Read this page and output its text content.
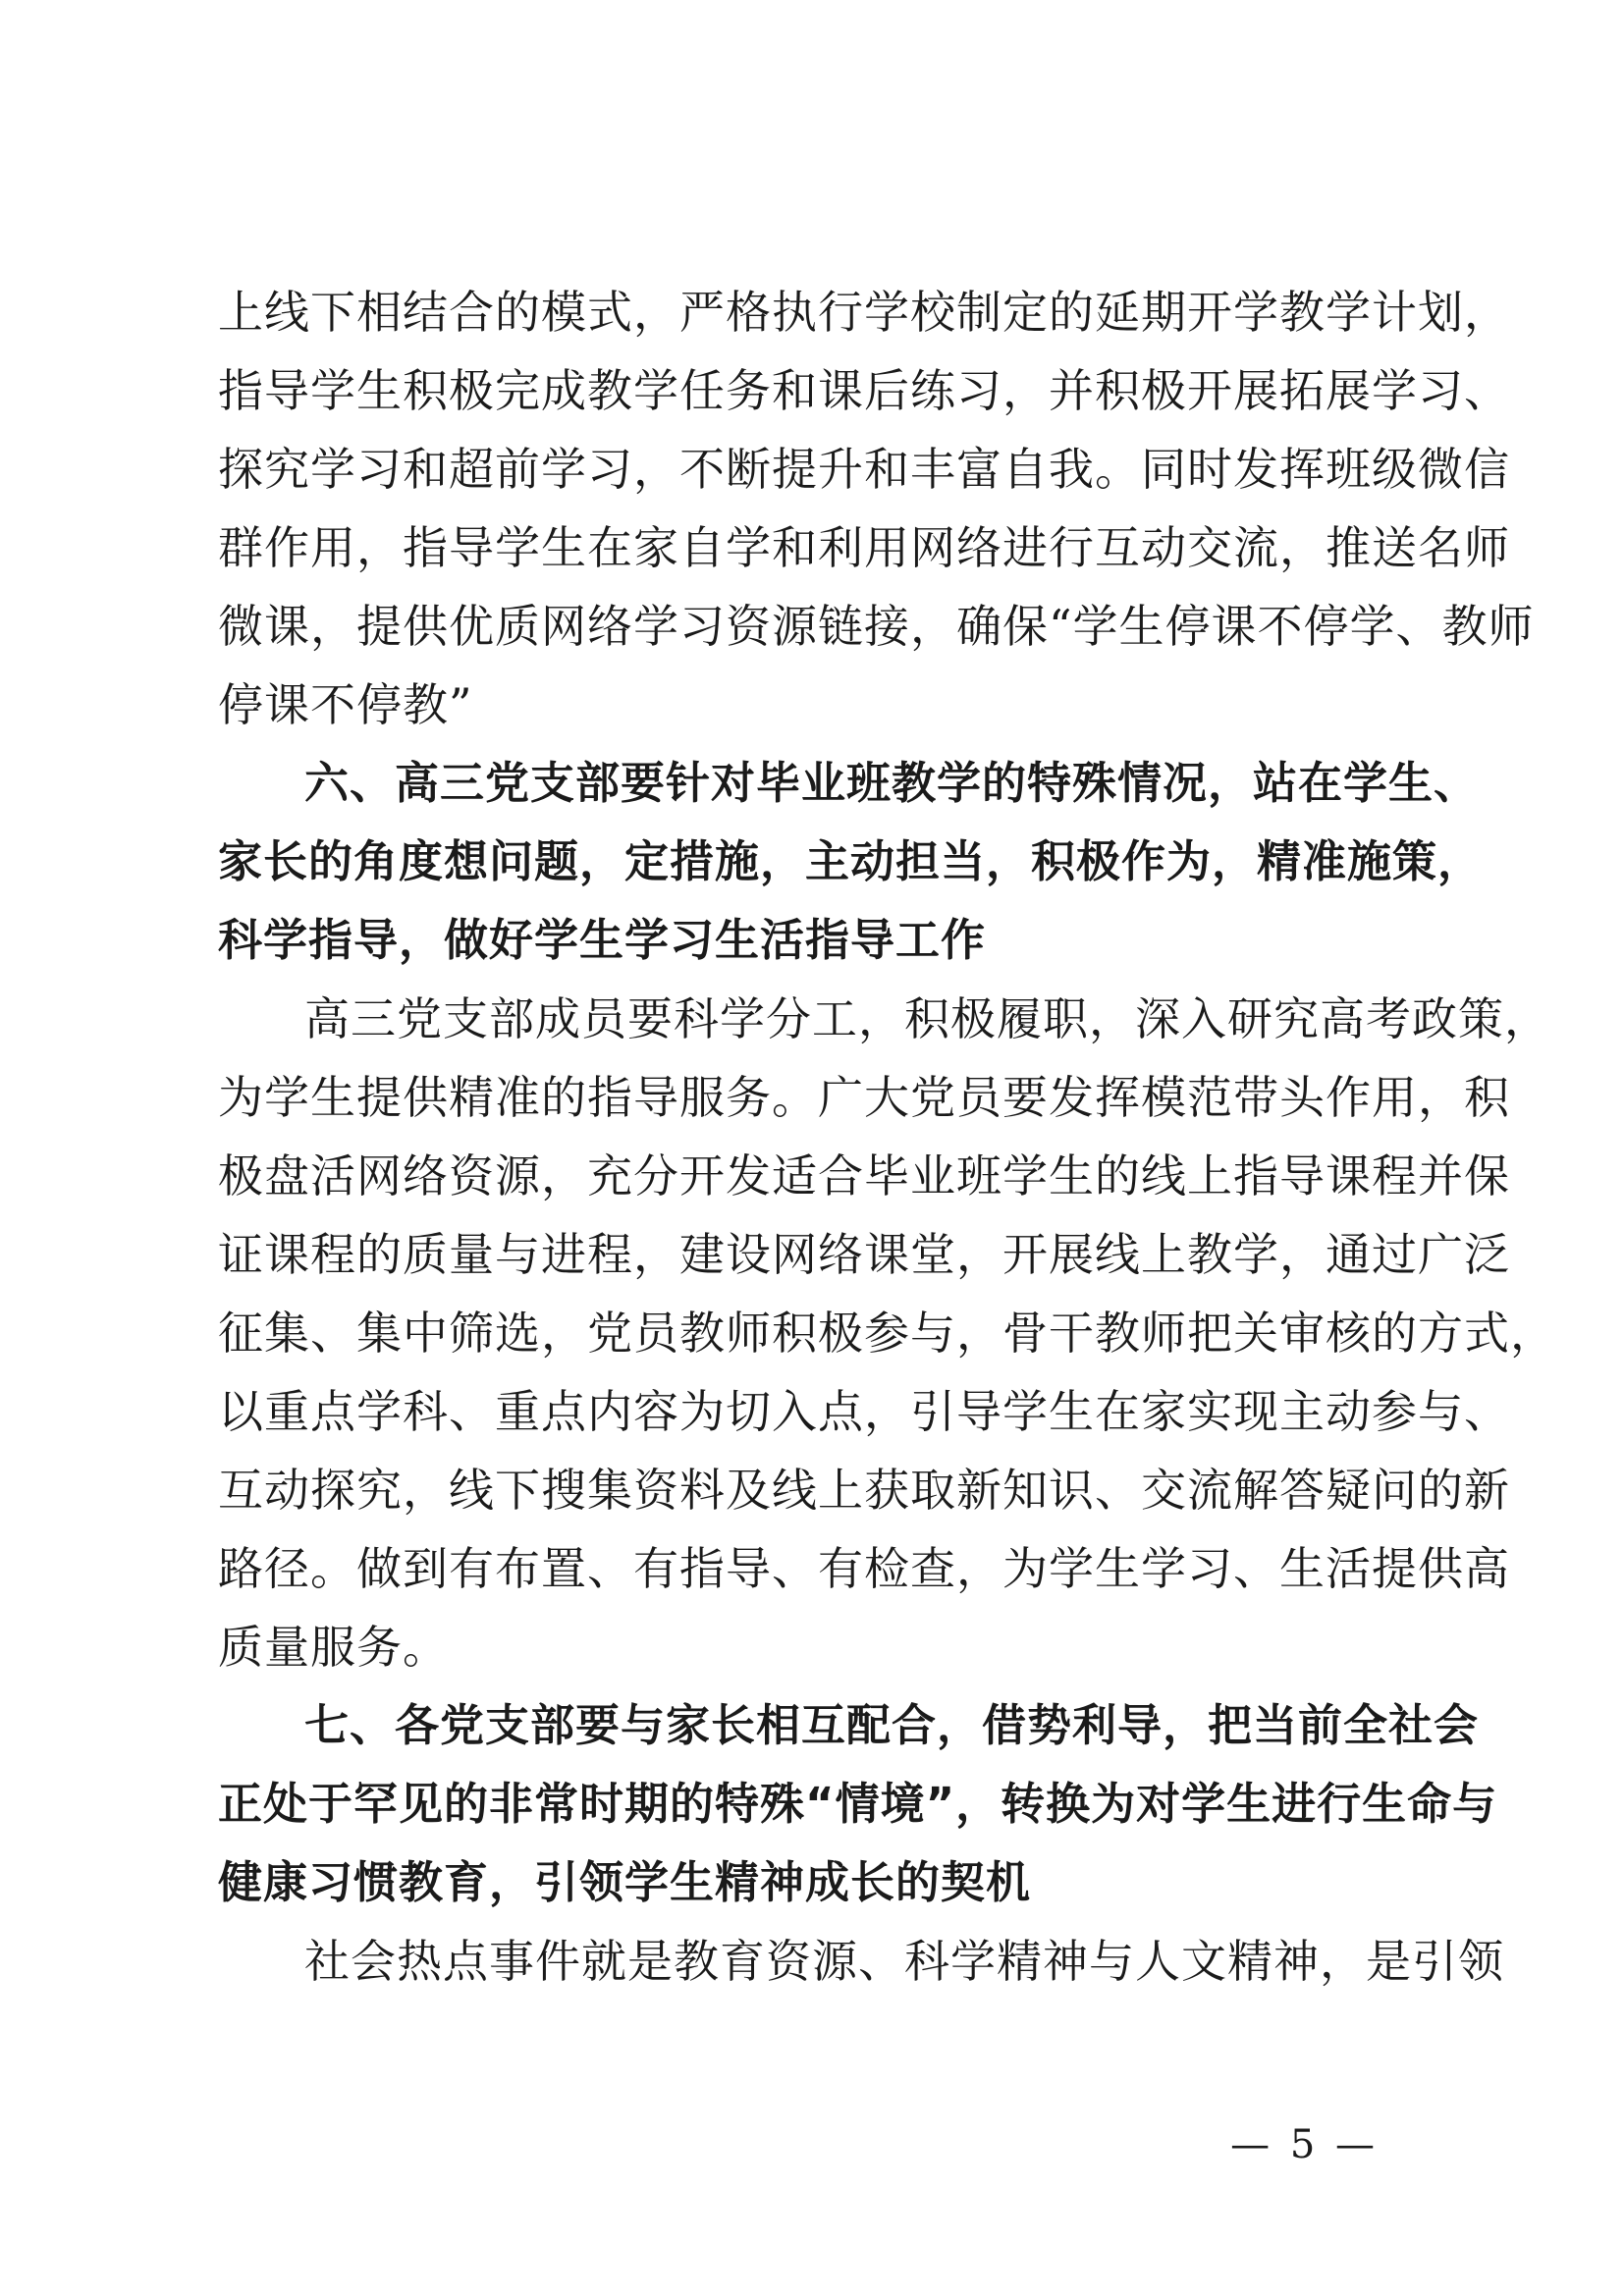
上线下相结合的模式，严格执行学校制定的延期开学教学计划，
指导学生积极完成教学任务和课后练习，并积极开展拓展学习、
探究学习和超前学习，不断提升和丰富自我。同时发挥班级微信
群作用，指导学生在家自学和利用网络进行互动交流，推送名师
微课，提供优质网络学习资源链接，确保“学生停课不停学、教师
停课不停教”
六、高三党支部要针对毕业班教学的特殊情况，站在学生、
家长的角度想问题，定措施，主动担当，积极作为，精准施策，
科学指导，做好学生学习生活指导工作
高三党支部成员要科学分工，积极履职，深入研究高考政策，
为学生提供精准的指导服务。广大党员要发挥模范带头作用，积
极盘活网络资源，充分开发适合毕业班学生的线上指导课程并保
证课程的质量与进程，建设网络课堂，开展线上教学，通过广泛
征集、集中筛选，党员教师积极参与，骨干教师把关审核的方式，
以重点学科、重点内容为切入点，引导学生在家实现主动参与、
互动探究，线下搜集资料及线上获取新知识、交流解答疑问的新
路径。做到有布置、有指导、有检查，为学生学习、生活提供高
质量服务。
七、各党支部要与家长相互配合，借势利导，把当前全社会
正处于罕见的非常时期的特殊“情境”，转换为对学生进行生命与
健康习惯教育，引领学生精神成长的契机
社会热点事件就是教育资源、科学精神与人文精神，是引领
— 5 —
